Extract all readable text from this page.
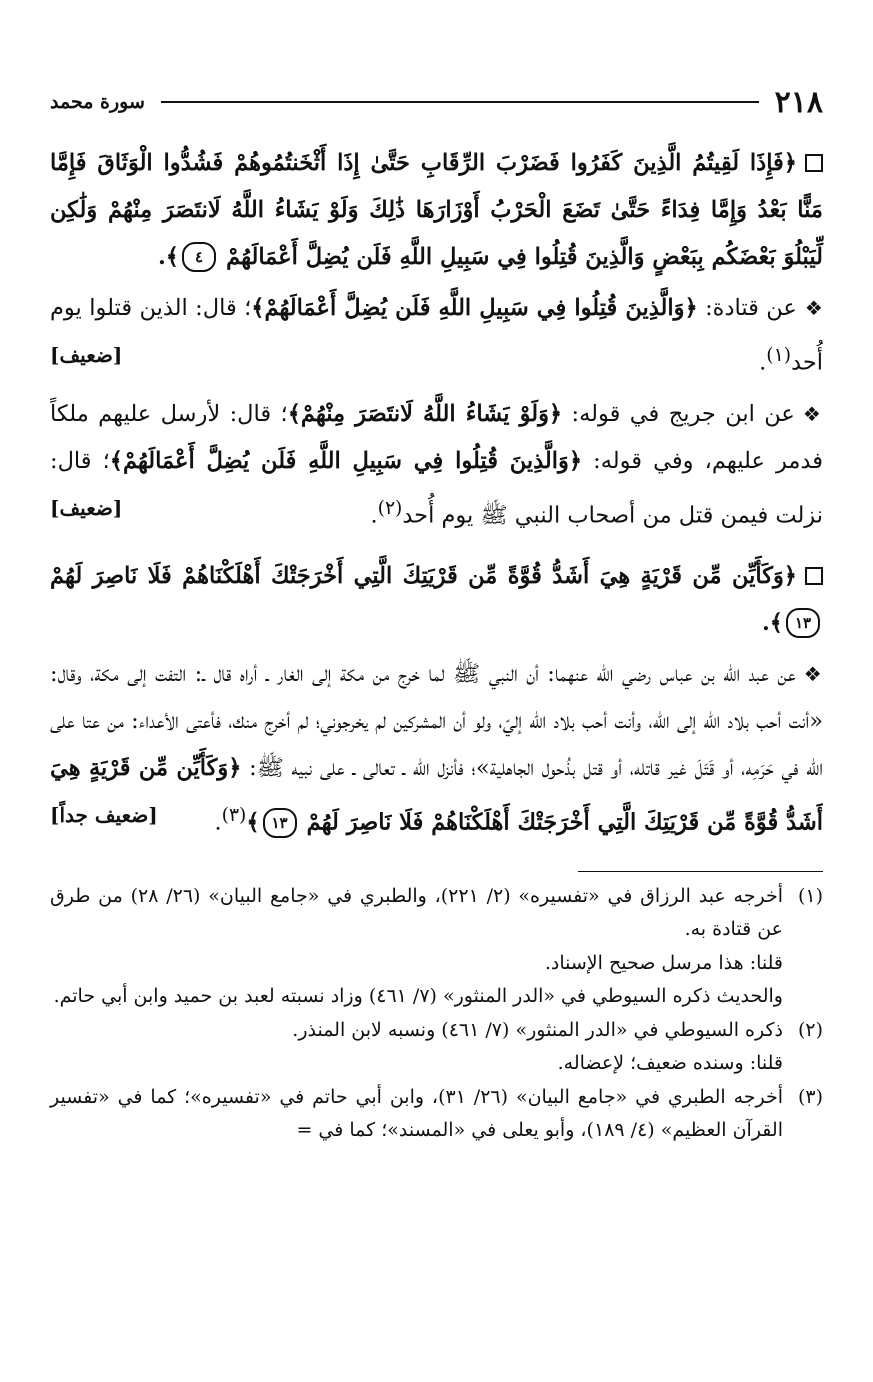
٢١٨
سورة محمد

﴿فَإِذَا لَقِيتُمُ الَّذِينَ كَفَرُوا فَضَرْبَ الرِّقَابِ حَتَّىٰ إِذَا أَثْخَنتُمُوهُمْ فَشُدُّوا الْوَثَاقَ فَإِمَّا مَنًّا بَعْدُ وَإِمَّا فِدَاءً حَتَّىٰ تَضَعَ الْحَرْبُ أَوْزَارَهَا ذَٰلِكَ وَلَوْ يَشَاءُ اللَّهُ لَانتَصَرَ مِنْهُمْ وَلَٰكِن لِّيَبْلُوَ بَعْضَكُم بِبَعْضٍ وَالَّذِينَ قُتِلُوا فِي سَبِيلِ اللَّهِ فَلَن يُضِلَّ أَعْمَالَهُمْ ٤﴾.

❖عن قتادة: ﴿وَالَّذِينَ قُتِلُوا فِي سَبِيلِ اللَّهِ فَلَن يُضِلَّ أَعْمَالَهُمْ﴾؛ قال: الذين قتلوا يوم أُحد$^{(١)}$.
[ضعيف]

❖عن ابن جريج في قوله: ﴿وَلَوْ يَشَاءُ اللَّهُ لَانتَصَرَ مِنْهُمْ﴾؛ قال: لأرسل عليهم ملكاً فدمر عليهم، وفي قوله: ﴿وَالَّذِينَ قُتِلُوا فِي سَبِيلِ اللَّهِ فَلَن يُضِلَّ أَعْمَالَهُمْ﴾؛ قال: نزلت فيمن قتل من أصحاب النبي ﷺ يوم أُحد$^{(٢)}$.
[ضعيف]

﴿وَكَأَيِّن مِّن قَرْيَةٍ هِيَ أَشَدُّ قُوَّةً مِّن قَرْيَتِكَ الَّتِي أَخْرَجَتْكَ أَهْلَكْنَاهُمْ فَلَا نَاصِرَ لَهُمْ ١٣﴾.

❖عن عبد الله بن عباس رضي الله عنهما: أن النبي ﷺ لما خرج من مكة إلى الغار ـ أراه قال ـ: التفت إلى مكة، وقال: «أنت أحب بلاد الله إلى الله، وأنت أحب بلاد الله إليّ، ولو أن المشركين لم يخرجوني؛ لم أخرج منك، فأعتى الأعداء: من عتا على الله في حَرَمِه، أو قَتَلَ غير قاتله، أو قتل بذُحول الجاهلية»؛ فأنزل الله ـ تعالى ـ على نبيه ﷺ: ﴿وَكَأَيِّن مِّن قَرْيَةٍ هِيَ أَشَدُّ قُوَّةً مِّن قَرْيَتِكَ الَّتِي أَخْرَجَتْكَ أَهْلَكْنَاهُمْ فَلَا نَاصِرَ لَهُمْ ١٣﴾$^{(٣)}$.
[ضعيف جداً]

(١)
أخرجه عبد الرزاق في «تفسيره» (٢/ ٢٢١)، والطبري في «جامع البيان» (٢٦/ ٢٨) من طرق عن قتادة به.
قلنا: هذا مرسل صحيح الإسناد.
والحديث ذكره السيوطي في «الدر المنثور» (٧/ ٤٦١) وزاد نسبته لعبد بن حميد وابن أبي حاتم.
(٢)
ذكره السيوطي في «الدر المنثور» (٧/ ٤٦١) ونسبه لابن المنذر.
قلنا: وسنده ضعيف؛ لإعضاله.
(٣)
أخرجه الطبري في «جامع البيان» (٢٦/ ٣١)، وابن أبي حاتم في «تفسيره»؛ كما في «تفسير القرآن العظيم» (٤/ ١٨٩)، وأبو يعلى في «المسند»؛ كما في =
